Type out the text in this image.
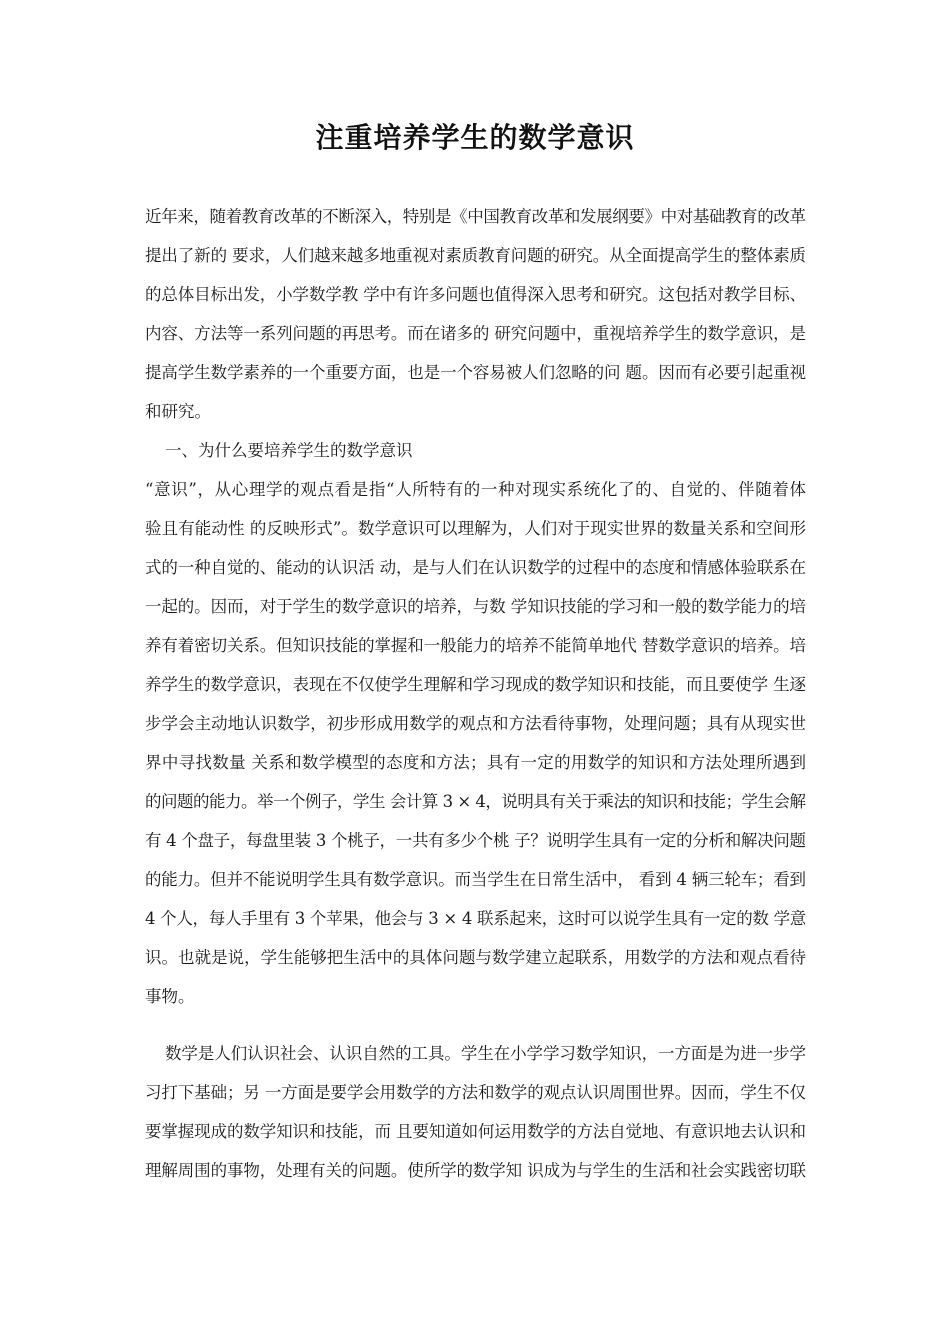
注重培养学生的数学意识
近年来，随着教育改革的不断深入，特别是《中国教育改革和发展纲要》中对基础教育的改革
提出了新的 要求，人们越来越多地重视对素质教育问题的研究。从全面提高学生的整体素质
的总体目标出发，小学数学教 学中有许多问题也值得深入思考和研究。这包括对教学目标、
内容、方法等一系列问题的再思考。而在诸多的 研究问题中，重视培养学生的数学意识，是
提高学生数学素养的一个重要方面，也是一个容易被人们忽略的问 题。因而有必要引起重视
和研究。
一、为什么要培养学生的数学意识
“意识”，从心理学的观点看是指“人所特有的一种对现实系统化了的、自觉的、伴随着体
验且有能动性 的反映形式”。数学意识可以理解为，人们对于现实世界的数量关系和空间形
式的一种自觉的、能动的认识活 动，是与人们在认识数学的过程中的态度和情感体验联系在
一起的。因而，对于学生的数学意识的培养，与数 学知识技能的学习和一般的数学能力的培
养有着密切关系。但知识技能的掌握和一般能力的培养不能简单地代 替数学意识的培养。培
养学生的数学意识，表现在不仅使学生理解和学习现成的数学知识和技能，而且要使学 生逐
步学会主动地认识数学，初步形成用数学的观点和方法看待事物，处理问题；具有从现实世
界中寻找数量 关系和数学模型的态度和方法；具有一定的用数学的知识和方法处理所遇到
的问题的能力。举一个例子，学生 会计算 3 × 4，说明具有关于乘法的知识和技能；学生会解
有 4 个盘子，每盘里装 3 个桃子，一共有多少个桃 子？说明学生具有一定的分析和解决问题
的能力。但并不能说明学生具有数学意识。而当学生在日常生活中， 看到 4 辆三轮车；看到
4 个人，每人手里有 3 个苹果，他会与 3 × 4 联系起来，这时可以说学生具有一定的数 学意
识。也就是说，学生能够把生活中的具体问题与数学建立起联系，用数学的方法和观点看待
事物。
数学是人们认识社会、认识自然的工具。学生在小学学习数学知识，一方面是为进一步学
习打下基础；另 一方面是要学会用数学的方法和数学的观点认识周围世界。因而，学生不仅
要掌握现成的数学知识和技能，而 且要知道如何运用数学的方法自觉地、有意识地去认识和
理解周围的事物，处理有关的问题。使所学的数学知 识成为与学生的生活和社会实践密切联
